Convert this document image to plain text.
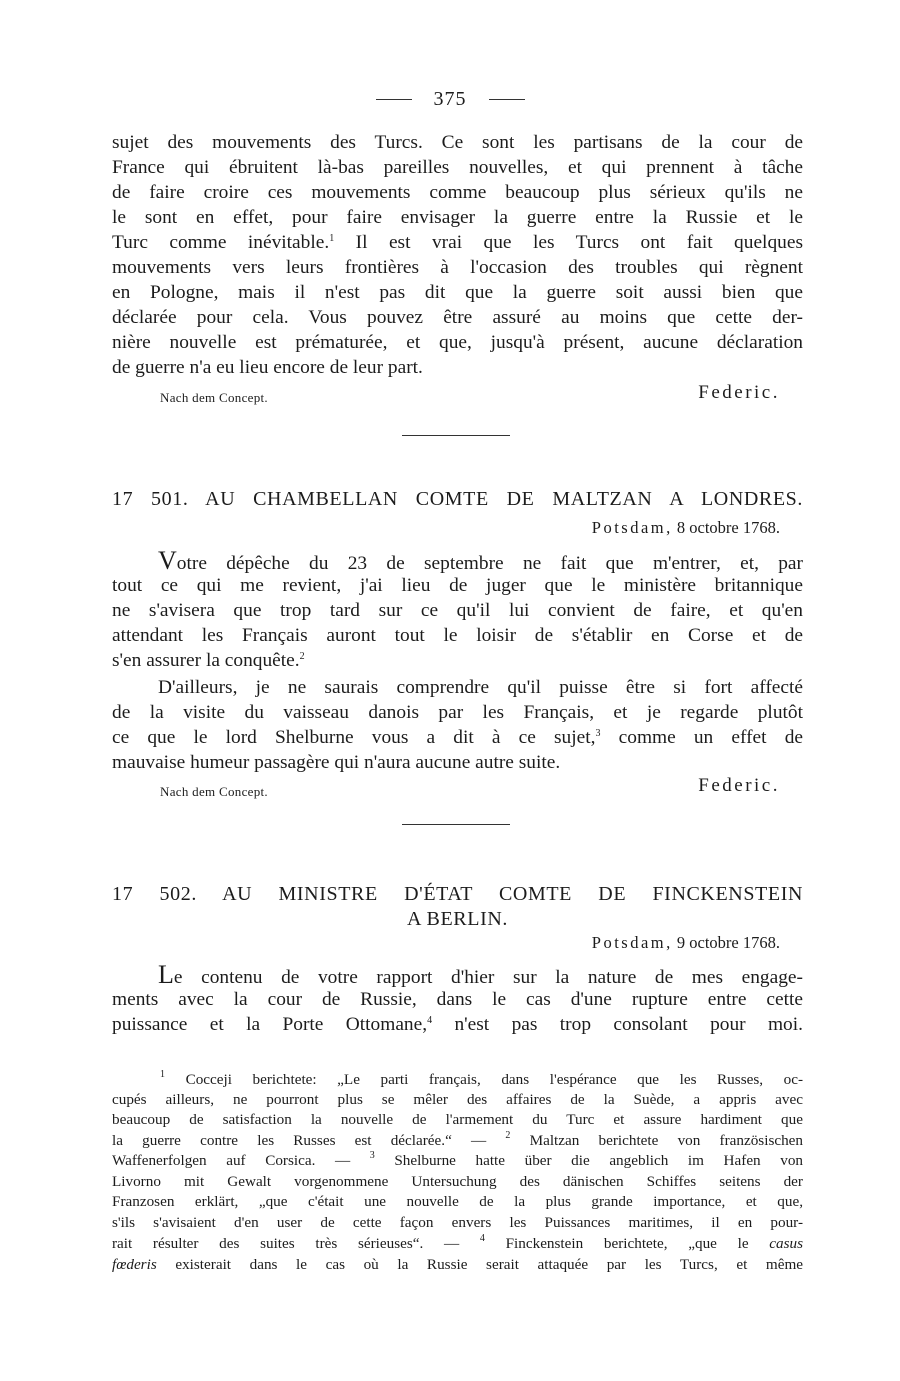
375
sujet des mouvements des Turcs. Ce sont les partisans de la cour de
France qui ébruitent là-bas pareilles nouvelles, et qui prennent à tâche
de faire croire ces mouvements comme beaucoup plus sérieux qu'ils ne
le sont en effet, pour faire envisager la guerre entre la Russie et le
Turc comme inévitable.$^1$ Il est vrai que les Turcs ont fait quelques
mouvements vers leurs frontières à l'occasion des troubles qui règnent
en Pologne, mais il n'est pas dit que la guerre soit aussi bien que
déclarée pour cela. Vous pouvez être assuré au moins que cette der-
nière nouvelle est prématurée, et que, jusqu'à présent, aucune déclaration
de guerre n'a eu lieu encore de leur part.
Nach dem Concept.	Federic.
17 501. AU CHAMBELLAN COMTE DE MALTZAN A LONDRES.
Potsdam, 8 octobre 1768.
Votre dépêche du 23 de septembre ne fait que m'entrer, et, par
tout ce qui me revient, j'ai lieu de juger que le ministère britannique
ne s'avisera que trop tard sur ce qu'il lui convient de faire, et qu'en
attendant les Français auront tout le loisir de s'établir en Corse et de
s'en assurer la conquête.$^2$
D'ailleurs, je ne saurais comprendre qu'il puisse être si fort affecté
de la visite du vaisseau danois par les Français, et je regarde plutôt
ce que le lord Shelburne vous a dit à ce sujet,$^3$ comme un effet de
mauvaise humeur passagère qui n'aura aucune autre suite.
Nach dem Concept.	Federic.
17 502. AU MINISTRE D'ÉTAT COMTE DE FINCKENSTEIN
A BERLIN.
Potsdam, 9 octobre 1768.
Le contenu de votre rapport d'hier sur la nature de mes engage-
ments avec la cour de Russie, dans le cas d'une rupture entre cette
puissance et la Porte Ottomane,$^4$ n'est pas trop consolant pour moi.
$^1$ Cocceji berichtete: „Le parti français, dans l'espérance que les Russes, oc-
cupés ailleurs, ne pourront plus se mêler des affaires de la Suède, a appris avec
beaucoup de satisfaction la nouvelle de l'armement du Turc et assure hardiment que
la guerre contre les Russes est déclarée.“ — $^2$ Maltzan berichtete von französischen
Waffenerfolgen auf Corsica. — $^3$ Shelburne hatte über die angeblich im Hafen von
Livorno mit Gewalt vorgenommene Untersuchung des dänischen Schiffes seitens der
Franzosen erklärt, „que c'était une nouvelle de la plus grande importance, et que,
s'ils s'avisaient d'en user de cette façon envers les Puissances maritimes, il en pour-
rait résulter des suites très sérieuses“. — $^4$ Finckenstein berichtete, „que le casus
fœderis existerait dans le cas où la Russie serait attaquée par les Turcs, et même
